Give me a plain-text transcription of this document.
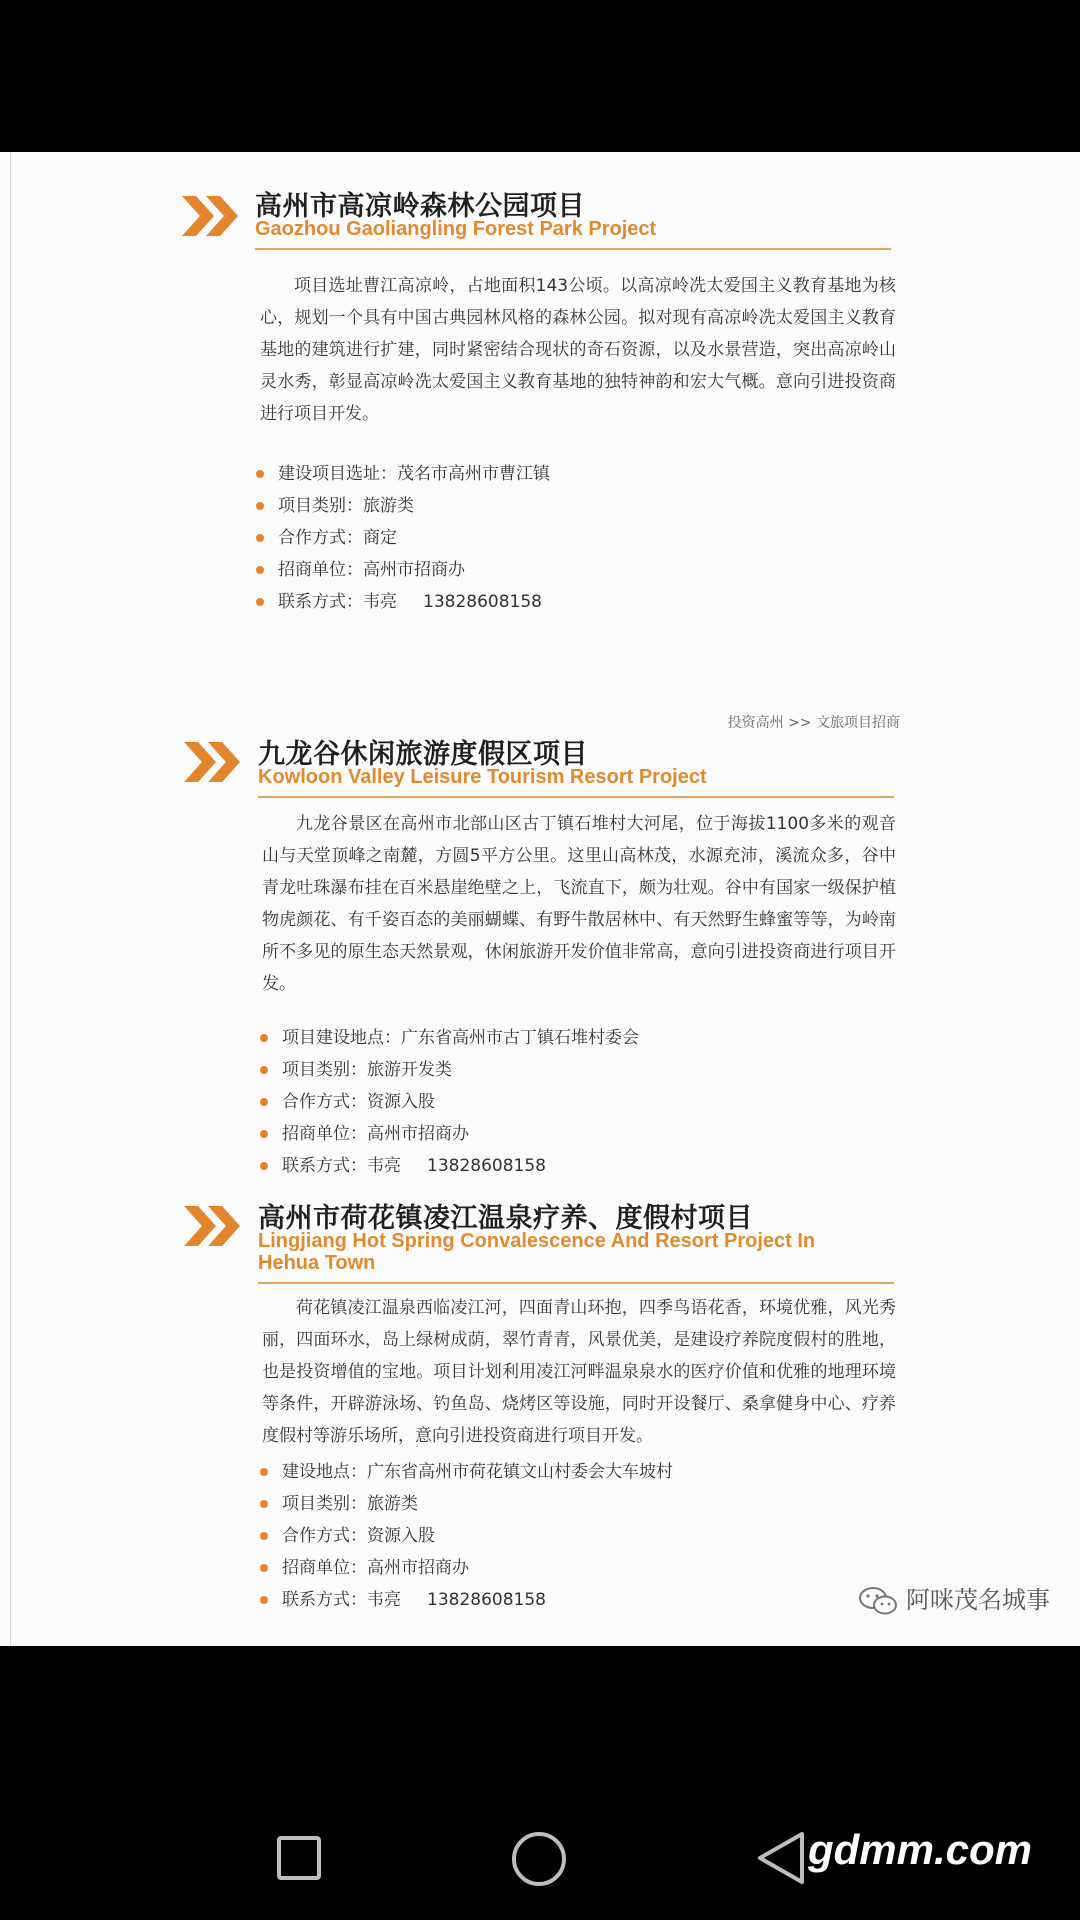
高州市高凉岭森林公园项目
Gaozhou Gaoliangling Forest Park Project
项目选址曹江高凉岭，占地面积143公顷。以高凉岭冼太爱国主义教育基地为核心，规划一个具有中国古典园林风格的森林公园。拟对现有高凉岭冼太爱国主义教育基地的建筑进行扩建，同时紧密结合现状的奇石资源，以及水景营造，突出高凉岭山灵水秀，彰显高凉岭冼太爱国主义教育基地的独特神韵和宏大气概。意向引进投资商进行项目开发。
建设项目选址：茂名市高州市曹江镇
项目类别：旅游类
合作方式：商定
招商单位：高州市招商办
联系方式：韦亮 13828608158
投资高州 >> 文旅项目招商
九龙谷休闲旅游度假区项目
Kowloon Valley Leisure Tourism Resort Project
九龙谷景区在高州市北部山区古丁镇石堆村大河尾，位于海拔1100多米的观音山与天堂顶峰之南麓，方圆5平方公里。这里山高林茂，水源充沛，溪流众多，谷中青龙吐珠瀑布挂在百米悬崖绝壁之上，飞流直下，颇为壮观。谷中有国家一级保护植物虎颜花、有千姿百态的美丽蝴蝶、有野牛散居林中、有天然野生蜂蜜等等，为岭南所不多见的原生态天然景观，休闲旅游开发价值非常高，意向引进投资商进行项目开发。
项目建设地点：广东省高州市古丁镇石堆村委会
项目类别：旅游开发类
合作方式：资源入股
招商单位：高州市招商办
联系方式：韦亮 13828608158
高州市荷花镇凌江温泉疗养、度假村项目
Lingjiang Hot Spring Convalescence And Resort Project In Hehua Town
荷花镇凌江温泉西临凌江河，四面青山环抱，四季鸟语花香，环境优雅，风光秀丽，四面环水，岛上绿树成荫，翠竹青青，风景优美，是建设疗养院度假村的胜地，也是投资增值的宝地。项目计划利用凌江河畔温泉泉水的医疗价值和优雅的地理环境等条件，开辟游泳场、钓鱼岛、烧烤区等设施，同时开设餐厅、桑拿健身中心、疗养度假村等游乐场所，意向引进投资商进行项目开发。
建设地点：广东省高州市荷花镇文山村委会大车坡村
项目类别：旅游类
合作方式：资源入股
招商单位：高州市招商办
联系方式：韦亮 13828608158	阿咪茂名城事
gdmm.com
